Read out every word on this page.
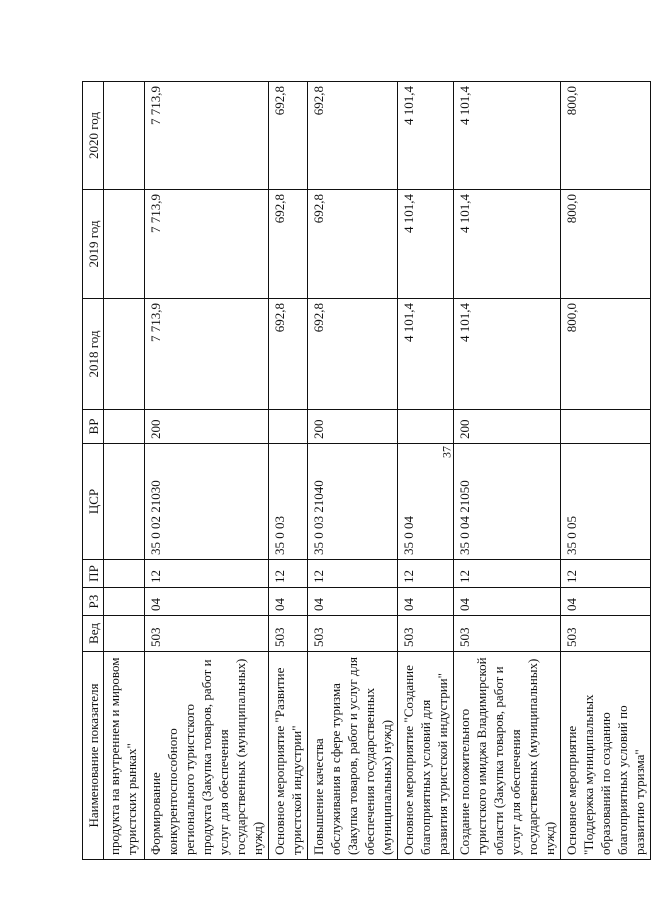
37
Наименование показателя	Вед	РЗ	ПР	ЦСР	ВР	2018 год	2019 год	2020 год
продукта на внутреннем и мировом туристских рынках"								
Формирование конкурентоспособного регионального туристского продукта (Закупка товаров, работ и услуг для обеспечения государственных (муниципальных) нужд)	503	04	12	35 0 02 21030	200	7 713,9	7 713,9	7 713,9
Основное мероприятие "Развитие туристской индустрии"	503	04	12	35 0 03		692,8	692,8	692,8
Повышение качества обслуживания в сфере туризма (Закупка товаров, работ и услуг для обеспечения государственных (муниципальных) нужд)	503	04	12	35 0 03 21040	200	692,8	692,8	692,8
Основное мероприятие "Создание благоприятных условий для развития туристской индустрии"	503	04	12	35 0 04		4 101,4	4 101,4	4 101,4
Создание положительного туристского имиджа Владимирской области (Закупка товаров, работ и услуг для обеспечения государственных (муниципальных) нужд)	503	04	12	35 0 04 21050	200	4 101,4	4 101,4	4 101,4
Основное мероприятие "Поддержка муниципальных образований по созданию благоприятных условий по развитию туризма"	503	04	12	35 0 05		800,0	800,0	800,0
